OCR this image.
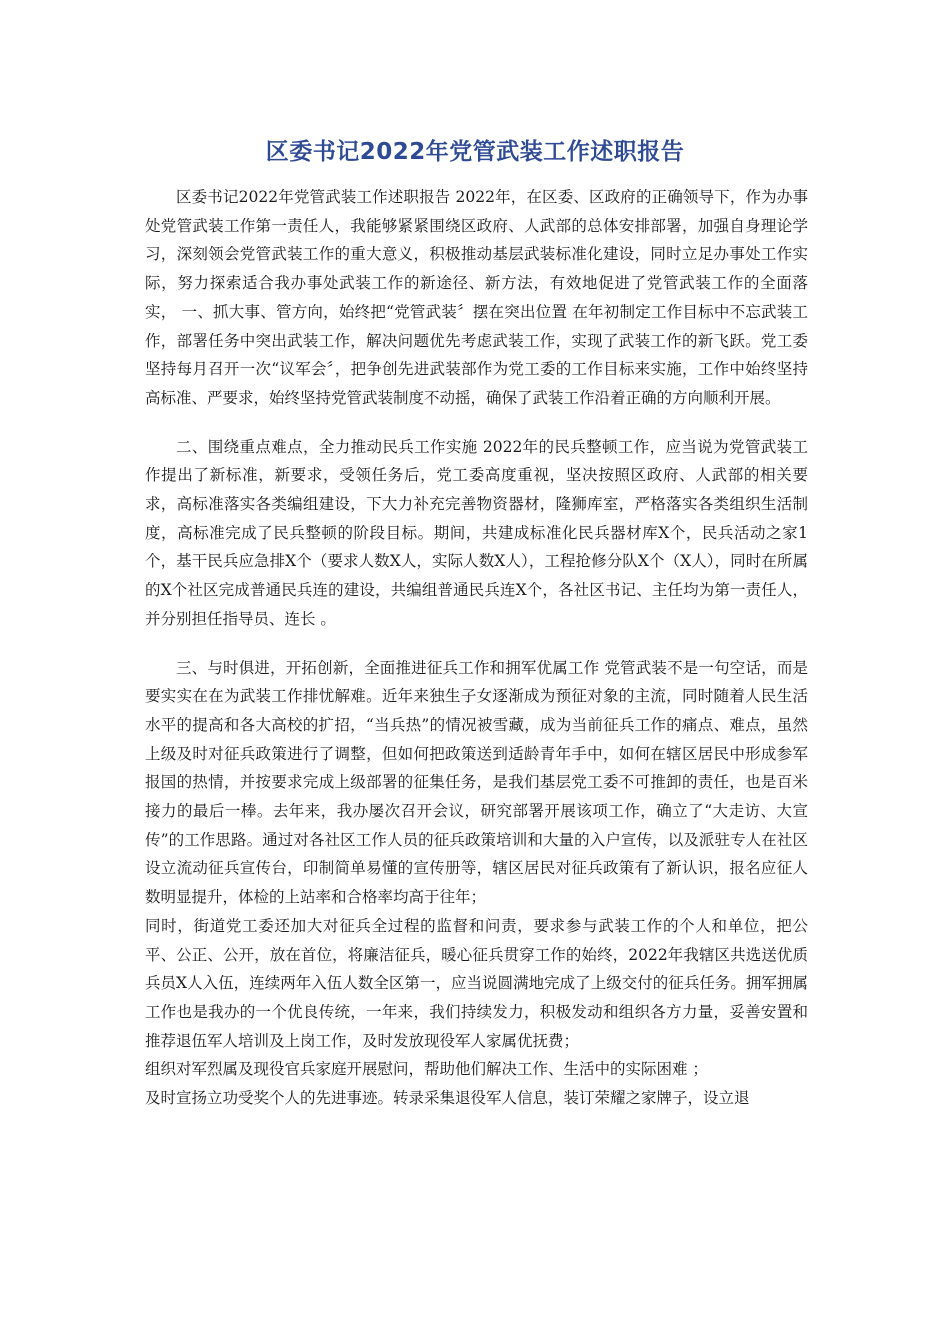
区委书记2022年党管武装工作述职报告

区委书记2022年党管武装工作述职报告 2022年，在区委、区政府的正确领导下，作为办事处党管武装工作第一责任人，我能够紧紧围绕区政府、人武部的总体安排部署，加强自身理论学习，深刻领会党管武装工作的重大意义，积极推动基层武装标准化建设，同时立足办事处工作实际，努力探索适合我办事处武装工作的新途径、新方法，有效地促进了党管武装工作的全面落实， 一、抓大事、管方向，始终把“党管武装〞摆在突出位置 在年初制定工作目标中不忘武装工作，部署任务中突出武装工作，解决问题优先考虑武装工作，实现了武装工作的新飞跃。党工委坚持每月召开一次“议军会〞，把争创先进武装部作为党工委的工作目标来实施，工作中始终坚持高标准、严要求，始终坚持党管武装制度不动摇，确保了武装工作沿着正确的方向顺利开展。

二、围绕重点难点，全力推动民兵工作实施 2022年的民兵整顿工作，应当说为党管武装工作提出了新标准，新要求，受领任务后，党工委高度重视，坚决按照区政府、人武部的相关要求，高标准落实各类编组建设，下大力补充完善物资器材，隆狮库室，严格落实各类组织生活制度，高标准完成了民兵整顿的阶段目标。期间，共建成标准化民兵器材库X个，民兵活动之家1个，基干民兵应急排X个（要求人数X人，实际人数X人），工程抢修分队X个（X人），同时在所属的X个社区完成普通民兵连的建设，共编组普通民兵连X个，各社区书记、主任均为第一责任人，并分别担任指导员、连长 。

三、与时俱进，开拓创新，全面推进征兵工作和拥军优属工作 党管武装不是一句空话，而是要实实在在为武装工作排忧解难。近年来独生子女逐渐成为预征对象的主流，同时随着人民生活水平的提高和各大高校的扩招，“当兵热”的情况被雪藏，成为当前征兵工作的痛点、难点，虽然上级及时对征兵政策进行了调整，但如何把政策送到适龄青年手中，如何在辖区居民中形成参军报国的热情，并按要求完成上级部署的征集任务，是我们基层党工委不可推卸的责任，也是百米接力的最后一棒。去年来，我办屡次召开会议，研究部署开展该项工作，确立了“大走访、大宣传”的工作思路。通过对各社区工作人员的征兵政策培训和大量的入户宣传，以及派驻专人在社区设立流动征兵宣传台，印制简单易懂的宣传册等，辖区居民对征兵政策有了新认识，报名应征人数明显提升，体检的上站率和合格率均高于往年；

同时，街道党工委还加大对征兵全过程的监督和问责，要求参与武装工作的个人和单位，把公平、公正、公开，放在首位，将廉洁征兵，暖心征兵贯穿工作的始终，2022年我辖区共选送优质兵员X人入伍，连续两年入伍人数全区第一，应当说圆满地完成了上级交付的征兵任务。拥军拥属工作也是我办的一个优良传统，一年来，我们持续发力，积极发动和组织各方力量，妥善安置和推荐退伍军人培训及上岗工作，及时发放现役军人家属优抚费；

组织对军烈属及现役官兵家庭开展慰问，帮助他们解决工作、生活中的实际困难 ；

及时宣扬立功受奖个人的先进事迹。转录采集退役军人信息，装订荣耀之家牌子，设立退
